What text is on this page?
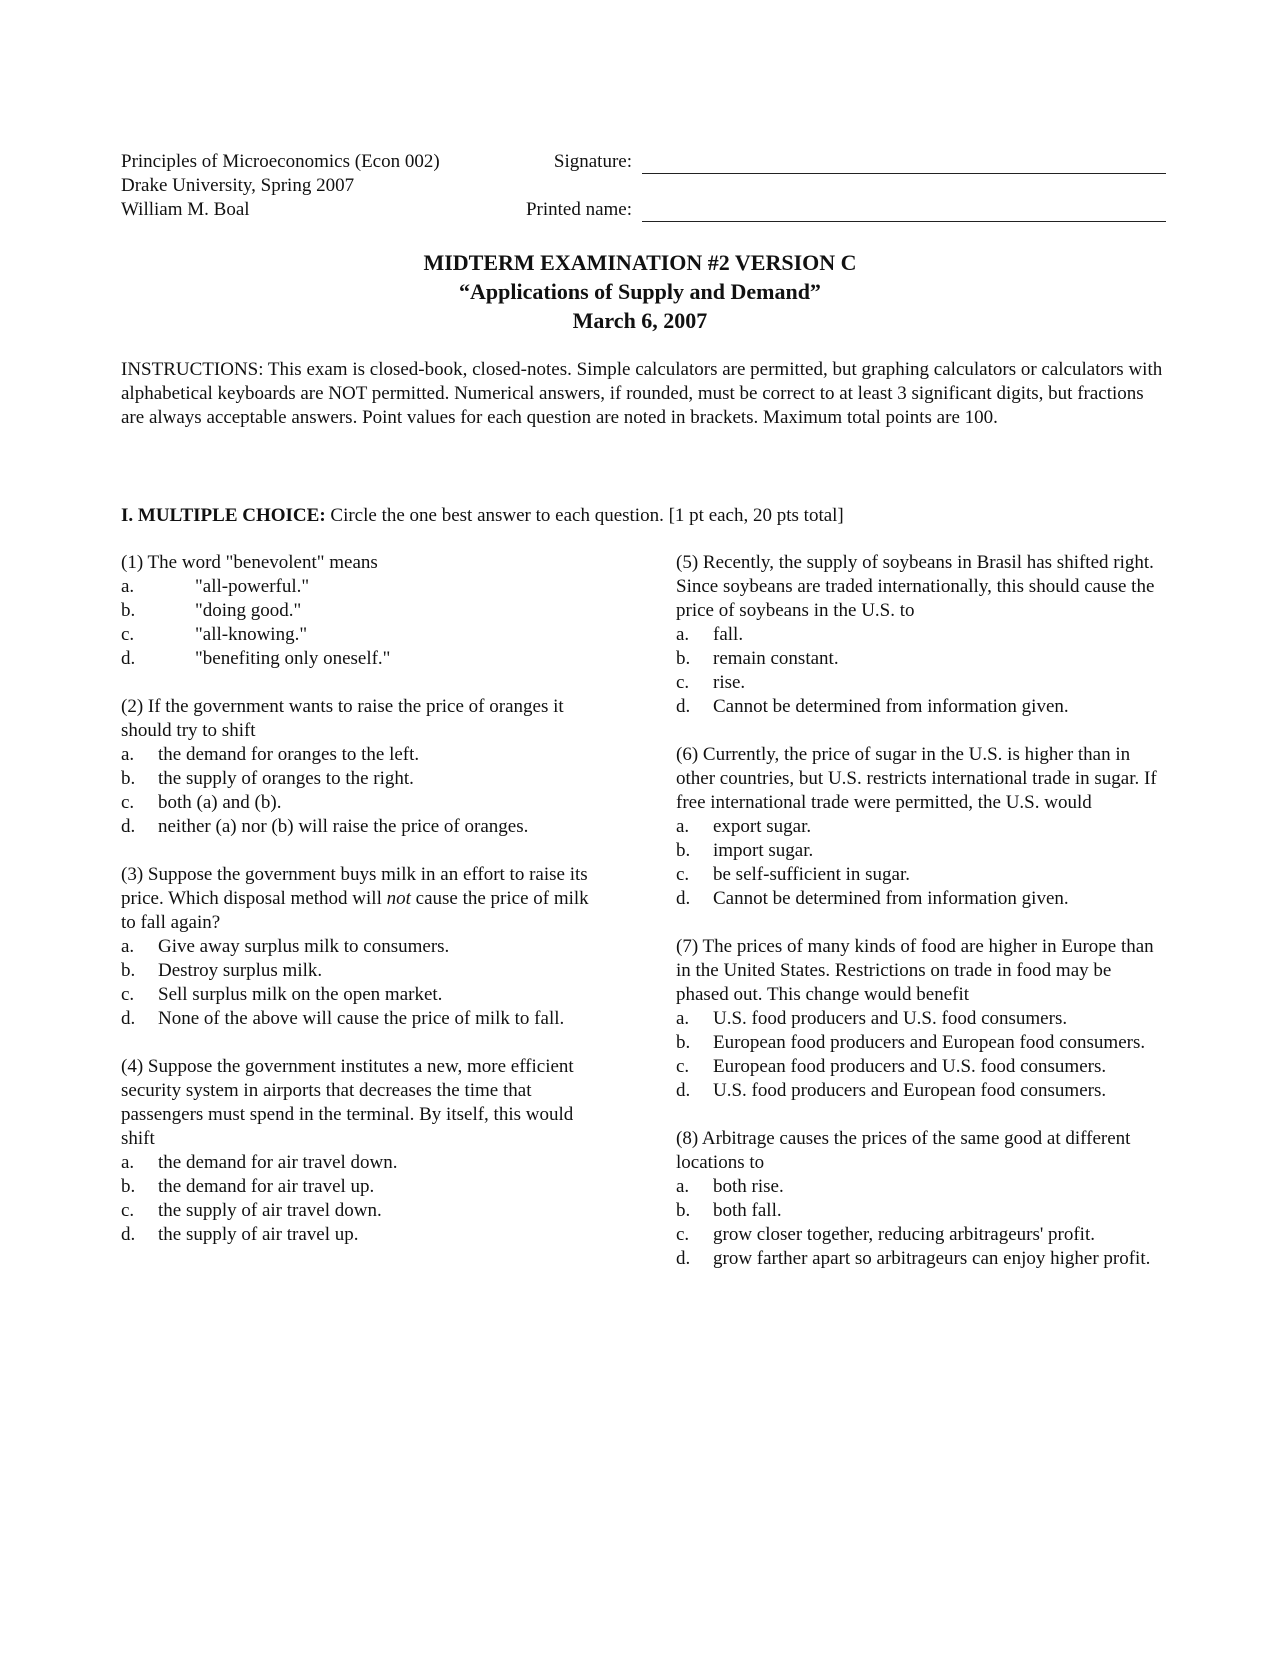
Principles of Microeconomics (Econ 002)
Drake University, Spring 2007
William M. Boal
Signature:
Printed name:
MIDTERM EXAMINATION #2 VERSION C
“Applications of Supply and Demand”
March 6, 2007
INSTRUCTIONS: This exam is closed-book, closed-notes. Simple calculators are permitted, but graphing calculators or calculators with alphabetical keyboards are NOT permitted. Numerical answers, if rounded, must be correct to at least 3 significant digits, but fractions are always acceptable answers. Point values for each question are noted in brackets. Maximum total points are 100.
I. MULTIPLE CHOICE: Circle the one best answer to each question. [1 pt each, 20 pts total]
(1) The word "benevolent" means
a.	"all-powerful."
b.	"doing good."
c.	"all-knowing."
d.	"benefiting only oneself."
(2) If the government wants to raise the price of oranges it should try to shift
a.	the demand for oranges to the left.
b.	the supply of oranges to the right.
c.	both (a) and (b).
d.	neither (a) nor (b) will raise the price of oranges.
(3) Suppose the government buys milk in an effort to raise its price. Which disposal method will not cause the price of milk to fall again?
a.	Give away surplus milk to consumers.
b.	Destroy surplus milk.
c.	Sell surplus milk on the open market.
d.	None of the above will cause the price of milk to fall.
(4) Suppose the government institutes a new, more efficient security system in airports that decreases the time that passengers must spend in the terminal. By itself, this would shift
a.	the demand for air travel down.
b.	the demand for air travel up.
c.	the supply of air travel down.
d.	the supply of air travel up.
(5) Recently, the supply of soybeans in Brasil has shifted right. Since soybeans are traded internationally, this should cause the price of soybeans in the U.S. to
a.	fall.
b.	remain constant.
c.	rise.
d.	Cannot be determined from information given.
(6) Currently, the price of sugar in the U.S. is higher than in other countries, but U.S. restricts international trade in sugar. If free international trade were permitted, the U.S. would
a.	export sugar.
b.	import sugar.
c.	be self-sufficient in sugar.
d.	Cannot be determined from information given.
(7) The prices of many kinds of food are higher in Europe than in the United States. Restrictions on trade in food may be phased out. This change would benefit
a.	U.S. food producers and U.S. food consumers.
b.	European food producers and European food consumers.
c.	European food producers and U.S. food consumers.
d.	U.S. food producers and European food consumers.
(8) Arbitrage causes the prices of the same good at different locations to
a.	both rise.
b.	both fall.
c.	grow closer together, reducing arbitrageurs' profit.
d.	grow farther apart so arbitrageurs can enjoy higher profit.
